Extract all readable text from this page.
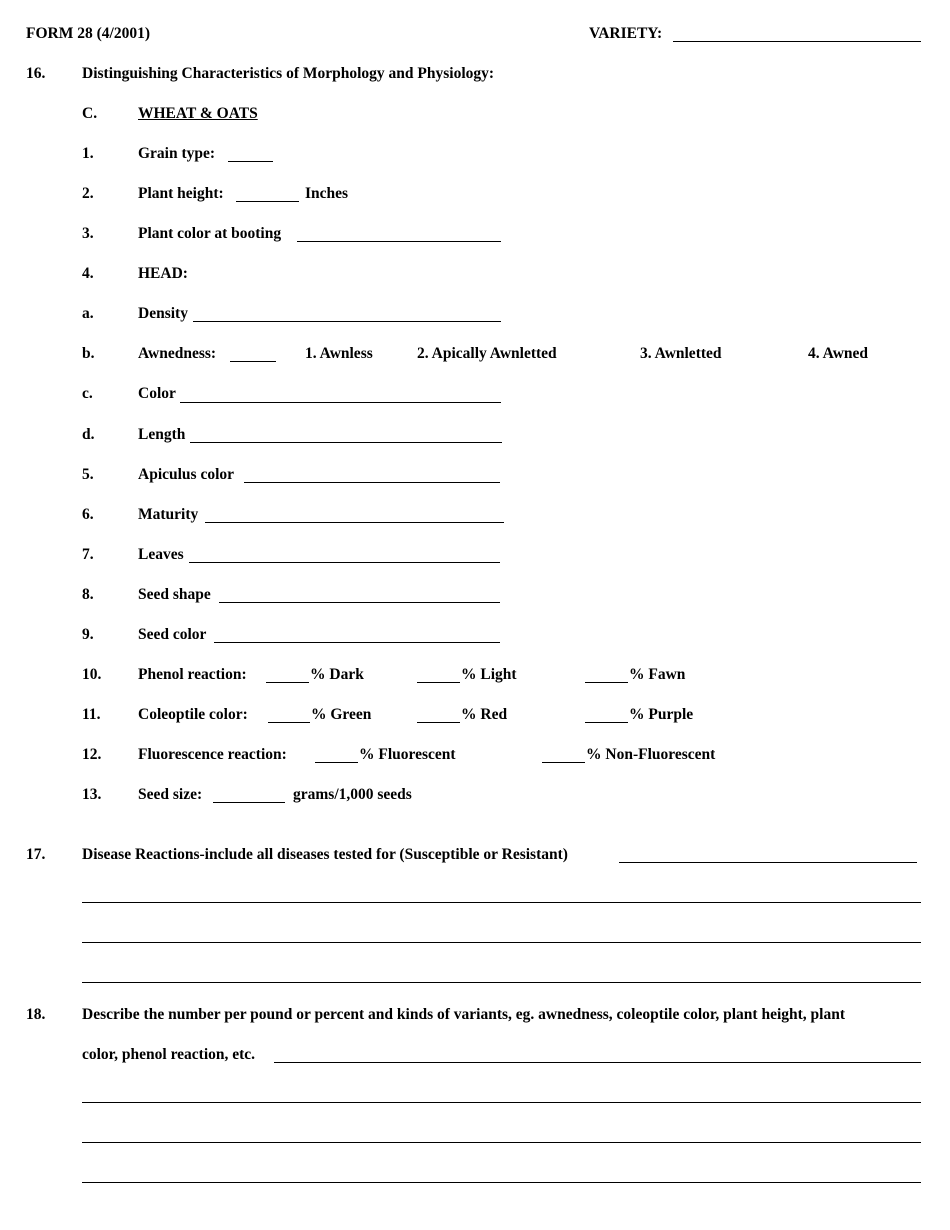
FORM 28 (4/2001)	VARIETY:
16. Distinguishing Characteristics of Morphology and Physiology:
C.	WHEAT & OATS
1.	Grain type:
2.	Plant height:	Inches
3.	Plant color at booting
4.	HEAD:
a.	Density
b.	Awnedness:	1. Awnless	2. Apically Awnletted	3. Awnletted	4. Awned
c.	Color
d.	Length
5.	Apiculus color
6.	Maturity
7.	Leaves
8.	Seed shape
9.	Seed color
10. Phenol reaction:	% Dark	% Light	% Fawn
11. Coleoptile color:	% Green	% Red	% Purple
12. Fluorescence reaction:	% Fluorescent	% Non-Fluorescent
13. Seed size:	grams/1,000 seeds
17. Disease Reactions-include all diseases tested for (Susceptible or Resistant)
18. Describe the number per pound or percent and kinds of variants, eg. awnedness, coleoptile color, plant height, plant
color, phenol reaction, etc.
